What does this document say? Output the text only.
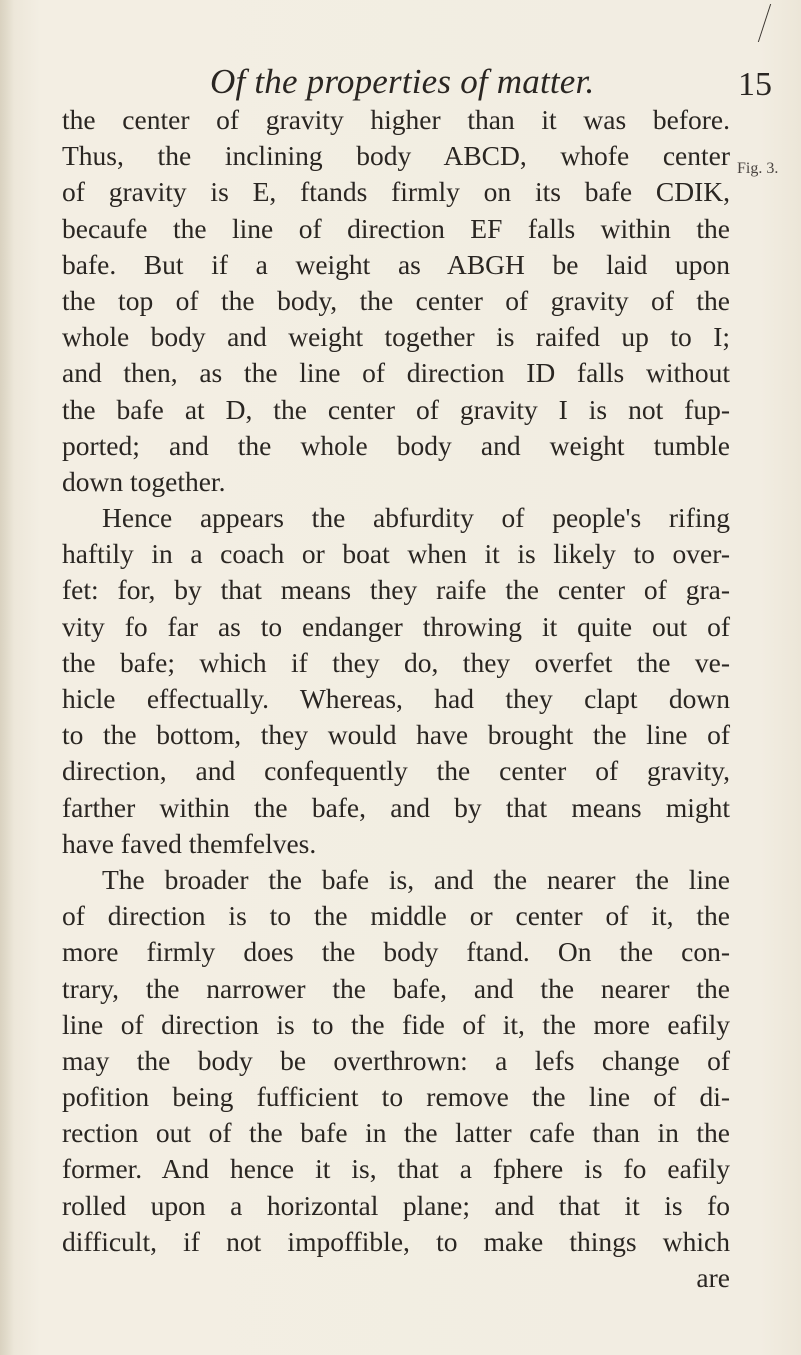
Of the properties of matter.	15
Fig. 3.
the center of gravity higher than it was before.
Thus, the inclining body ABCD, whofe center
of gravity is E, ftands firmly on its bafe CDIK,
becaufe the line of direction EF falls within the
bafe. But if a weight as ABGH be laid upon
the top of the body, the center of gravity of the
whole body and weight together is raifed up to I;
and then, as the line of direction ID falls without
the bafe at D, the center of gravity I is not fup-
ported; and the whole body and weight tumble
down together.
Hence appears the abfurdity of people's rifing
haftily in a coach or boat when it is likely to over-
fet: for, by that means they raife the center of gra-
vity fo far as to endanger throwing it quite out of
the bafe; which if they do, they overfet the ve-
hicle effectually. Whereas, had they clapt down
to the bottom, they would have brought the line of
direction, and confequently the center of gravity,
farther within the bafe, and by that means might
have faved themfelves.
The broader the bafe is, and the nearer the line
of direction is to the middle or center of it, the
more firmly does the body ftand. On the con-
trary, the narrower the bafe, and the nearer the
line of direction is to the fide of it, the more eafily
may the body be overthrown: a lefs change of
pofition being fufficient to remove the line of di-
rection out of the bafe in the latter cafe than in the
former. And hence it is, that a fphere is fo eafily
rolled upon a horizontal plane; and that it is fo
difficult, if not impoffible, to make things which
are
